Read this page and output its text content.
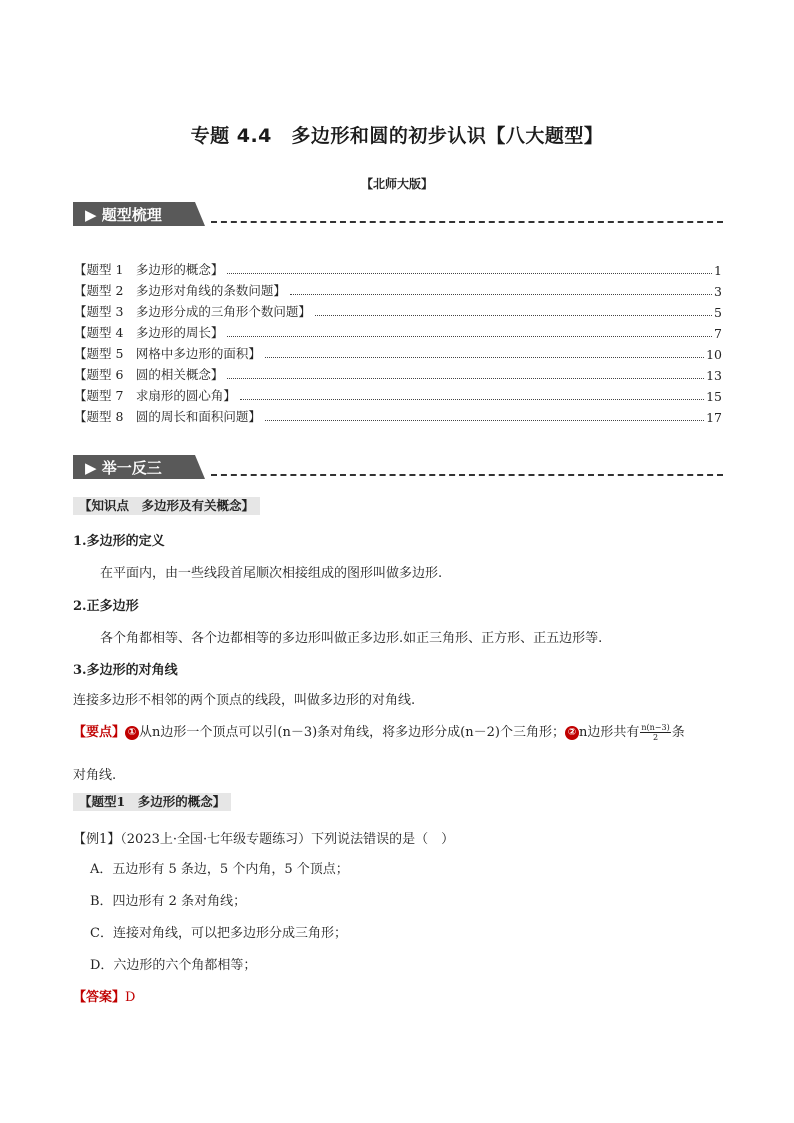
专题 4.4　多边形和圆的初步认识【八大题型】
【北师大版】
▶ 题型梳理
【题型 1　多边形的概念】	1
【题型 2　多边形对角线的条数问题】	3
【题型 3　多边形分成的三角形个数问题】	5
【题型 4　多边形的周长】	7
【题型 5　网格中多边形的面积】	10
【题型 6　圆的相关概念】	13
【题型 7　求扇形的圆心角】	15
【题型 8　圆的周长和面积问题】	17
▶ 举一反三
【知识点　多边形及有关概念】
1.多边形的定义
在平面内，由一些线段首尾顺次相接组成的图形叫做多边形.
2.正多边形
各个角都相等、各个边都相等的多边形叫做正多边形.如正三角形、正方形、正五边形等.
3.多边形的对角线
连接多边形不相邻的两个顶点的线段，叫做多边形的对角线.
【要点】 ① 从n边形一个顶点可以引(n－3)条对角线，将多边形分成(n－2)个三角形； ② n边形共有 $\frac{n(n-3)}{2}$ 条
对角线.
【题型1　多边形的概念】
【例1】（2023上·全国·七年级专题练习）下列说法错误的是（　）
A．五边形有 5 条边，5 个内角，5 个顶点；
B．四边形有 2 条对角线；
C．连接对角线，可以把多边形分成三角形；
D．六边形的六个角都相等；
【答案】D
